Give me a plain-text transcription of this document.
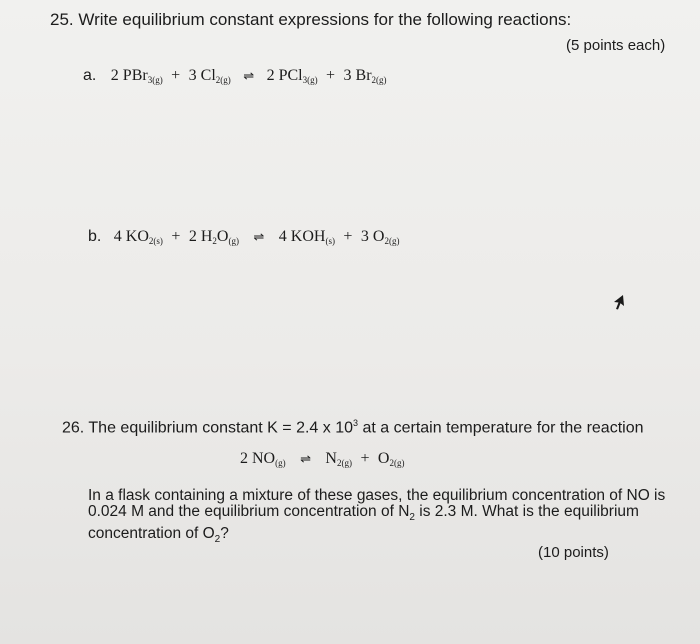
25. Write equilibrium constant expressions for the following reactions:
(5 points each)
a. 2 PBr$_{3(g)}$ + 3 $Cl_{2(g)}$ ⇌ 2 PCl$_{3(g)}$ + 3 $Br_{2(g)}$
b. 4 $KO_{2(s)} + 2$ $H_2O_{(g)}$ ⇌ 4 $KOH_{(s)} + 3$ $O_{2(g)}$
26. The equilibrium constant K = 2.4 x $10^3$ at a certain temperature for the reaction
2 $NO_{(g)}$ ⇌ $N_{2(g)} + O_{2(g)}$
In a flask containing a mixture of these gases, the equilibrium concentration of NO is
0.024 M and the equilibrium concentration of $N_2$ is 2.3 M. What is the equilibrium
concentration of $O_2$?
(10 points)
